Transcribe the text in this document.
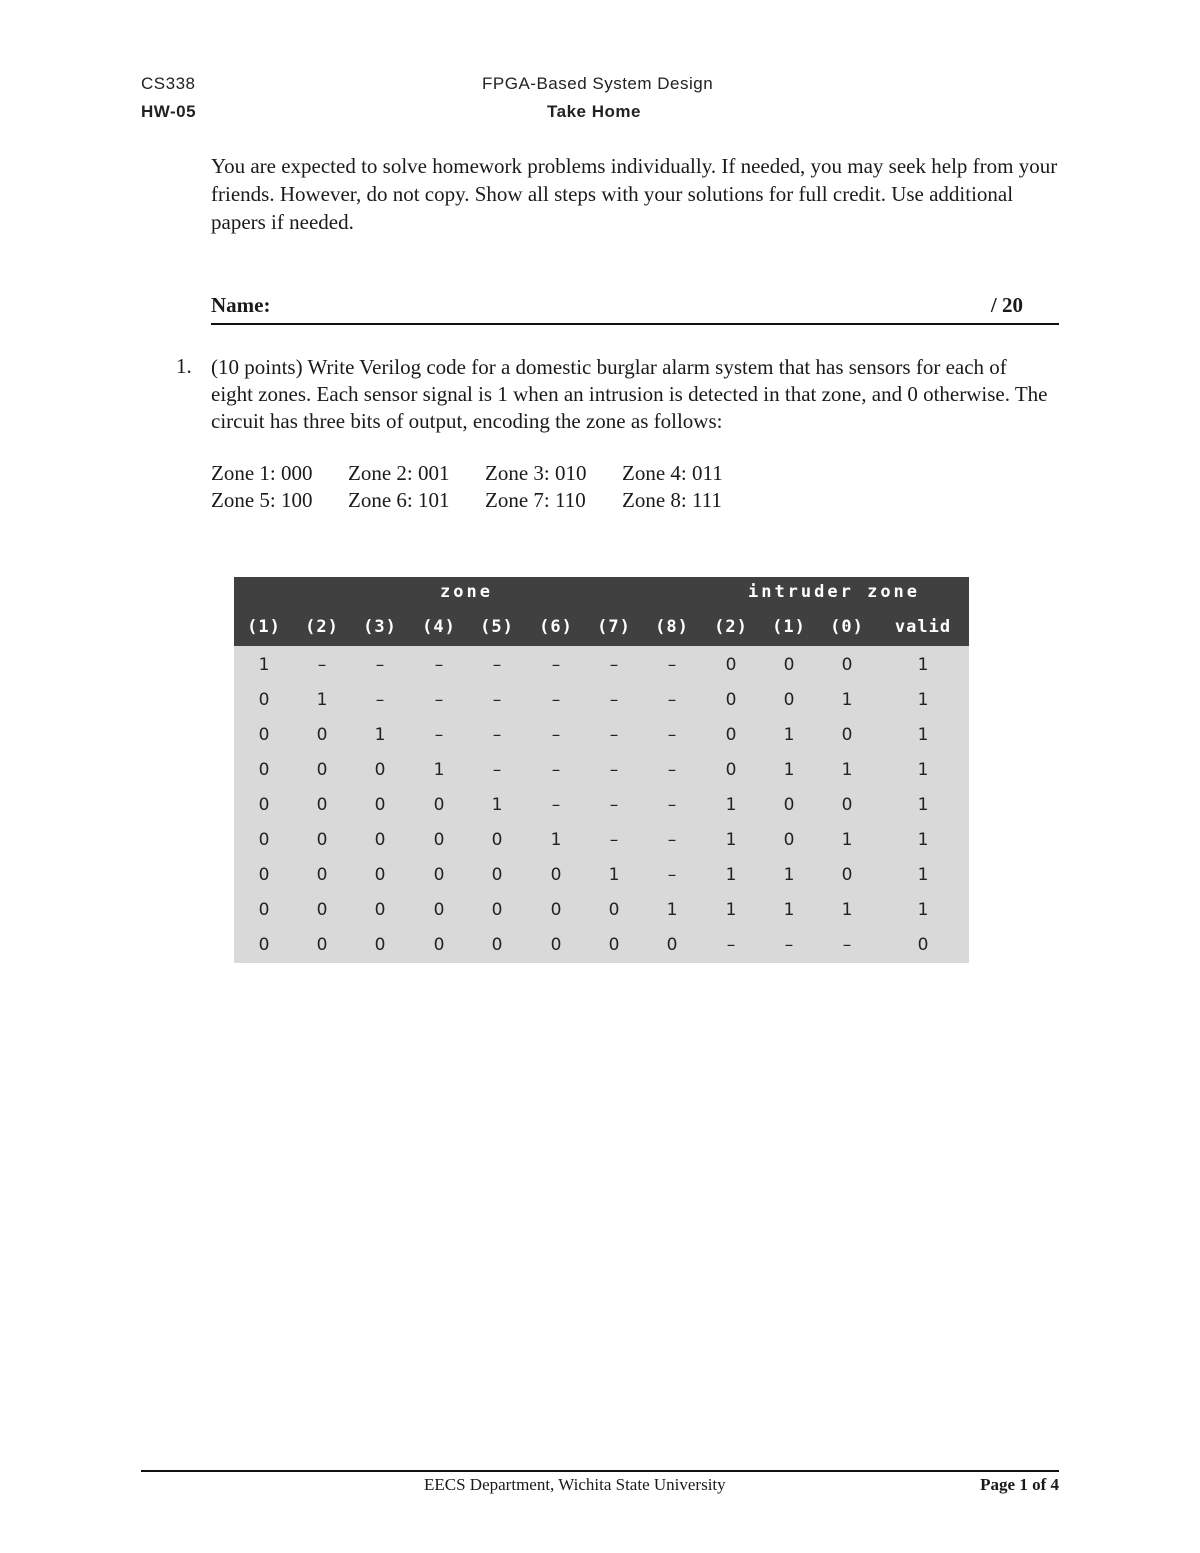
CS338
HW-05
FPGA-Based System Design
Take Home

You are expected to solve homework problems individually. If needed, you may seek help from your friends. However, do not copy. Show all steps with your solutions for full credit. Use additional papers if needed.

Name:	/ 20
1. (10 points) Write Verilog code for a domestic burglar alarm system that has sensors for each of eight zones. Each sensor signal is 1 when an intrusion is detected in that zone, and 0 otherwise. The circuit has three bits of output, encoding the zone as follows:

Zone 1: 000	Zone 2: 001	Zone 3: 010	Zone 4: 011
Zone 5: 100	Zone 6: 101	Zone 7: 110	Zone 8: 111
zone	intruder zone
(1)	(2)	(3)	(4)	(5)	(6)	(7)	(8)	(2)	(1)	(0)	valid
1	–	–	–	–	–	–	–	0	0	0	1
0	1	–	–	–	–	–	–	0	0	1	1
0	0	1	–	–	–	–	–	0	1	0	1
0	0	0	1	–	–	–	–	0	1	1	1
0	0	0	0	1	–	–	–	1	0	0	1
0	0	0	0	0	1	–	–	1	0	1	1
0	0	0	0	0	0	1	–	1	1	0	1
0	0	0	0	0	0	0	1	1	1	1	1
0	0	0	0	0	0	0	0	–	–	–	0
EECS Department, Wichita State University	Page 1 of 4
